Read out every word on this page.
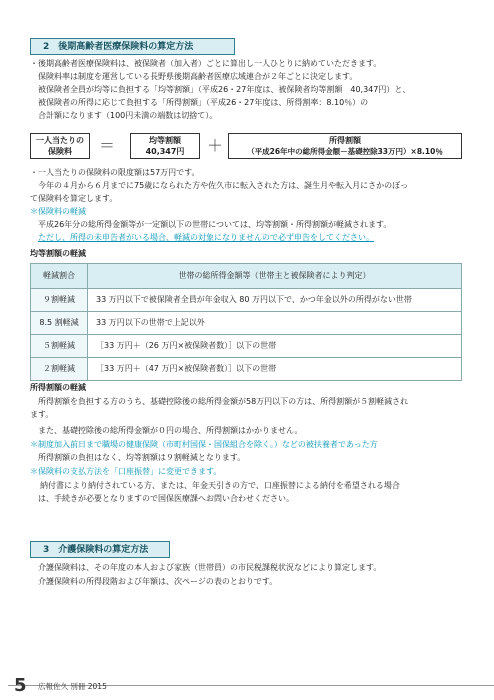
2　後期高齢者医療保険料の算定方法
・後期高齢者医療保険料は、被保険者（加入者）ごとに算出し一人ひとりに納めていただきます。
保険料率は制度を運営している長野県後期高齢者医療広域連合が２年ごとに決定します。
被保険者全員が均等に負担する「均等割額」（平成26・27年度は、被保険者均等割額　40,347円）と、
被保険者の所得に応じて負担する「所得割額」（平成26・27年度は、所得割率：8.10％）の
合計額になります（100円未満の端数は切捨て）。
一人当たりの
保険料	＝	均等割額
40,347円 ＋	所得割額
（平成26年中の総所得金額－基礎控除33万円）×8.10％
・一人当たりの保険料の限度額は57万円です。
今年の４月から６月までに75歳になられた方や佐久市に転入された方は、誕生月や転入月にさかのぼっ
て保険料を算定します。
＊保険料の軽減
平成26年分の総所得金額等が一定額以下の世帯については、均等割額・所得割額が軽減されます。
ただし、所得の未申告者がいる場合、軽減の対象になりませんので必ず申告をしてください。
均等割額の軽減
軽減割合	世帯の総所得金額等（世帯主と被保険者により判定）
９割軽減	33 万円以下で被保険者全員が年金収入 80 万円以下で、かつ年金以外の所得がない世帯
8.5 割軽減	33 万円以下の世帯で上記以外
５割軽減	［33 万円＋（26 万円×被保険者数）］以下の世帯
２割軽減	［33 万円＋（47 万円×被保険者数）］以下の世帯
所得割額の軽減
所得割額を負担する方のうち、基礎控除後の総所得金額が58万円以下の方は、所得割額が５割軽減され
ます。
また、基礎控除後の総所得金額が０円の場合、所得割額はかかりません。
＊制度加入前日まで職場の健康保険（市町村国保・国保組合を除く。）などの被扶養者であった方
所得割額の負担はなく、均等割額は９割軽減となります。
＊保険料の支払方法を「口座振替」に変更できます。
納付書により納付されている方、または、年金天引きの方で、口座振替による納付を希望される場合
は、手続きが必要となりますので国保医療課へお問い合わせください。
3　介護保険料の算定方法
介護保険料は、その年度の本人および家族（世帯員）の市民税課税状況などにより算定します。
介護保険料の所得段階および年額は、次ページの表のとおりです。
5 広報佐久 別冊 2015
